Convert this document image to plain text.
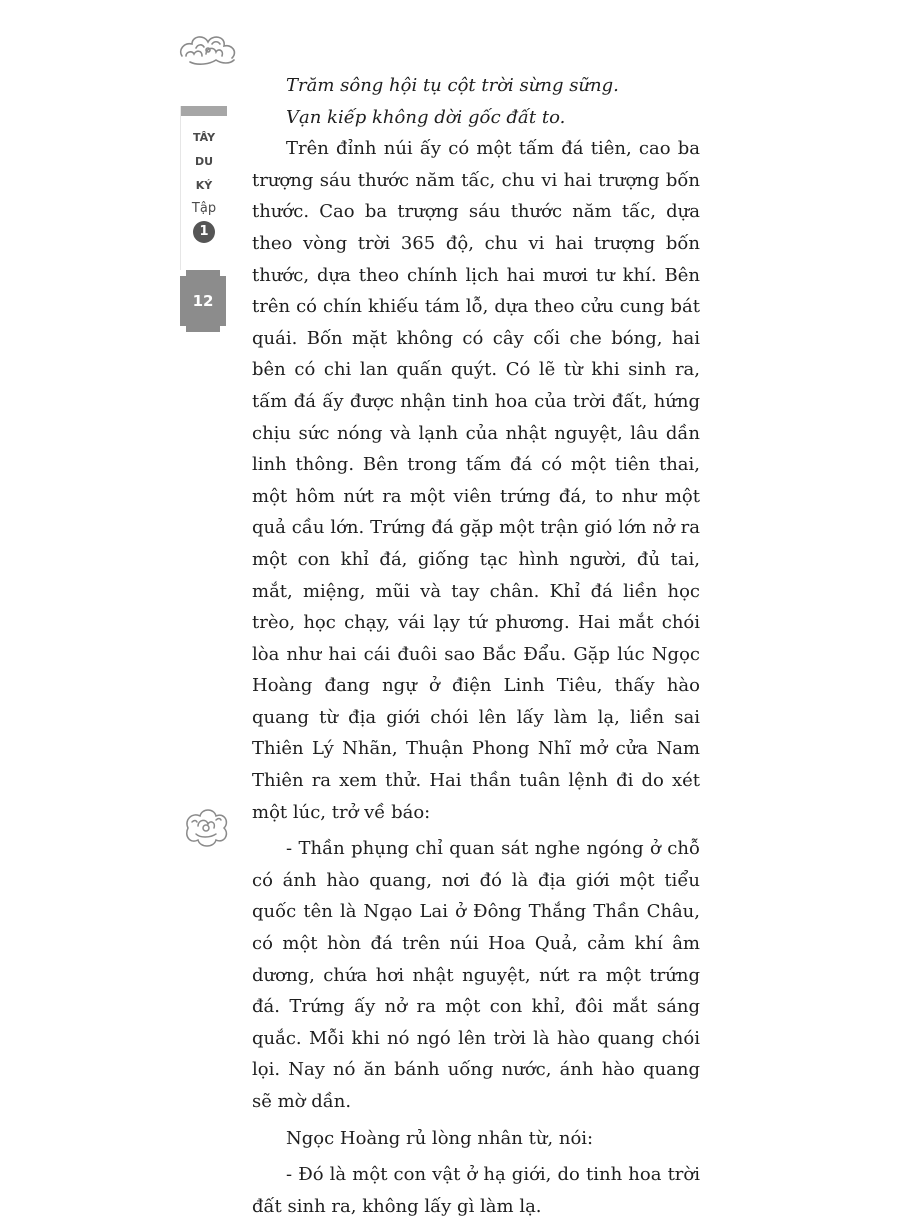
TÂY
DU
KÝ
Tập
1
12

Trăm sông hội tụ cột trời sừng sững.

Vạn kiếp không dời gốc đất to.

Trên đỉnh núi ấy có một tấm đá tiên, cao ba trượng sáu thước năm tấc, chu vi hai trượng bốn thước. Cao ba trượng sáu thước năm tấc, dựa theo vòng trời 365 độ, chu vi hai trượng bốn thước, dựa theo chính lịch hai mươi tư khí. Bên trên có chín khiếu tám lỗ, dựa theo cửu cung bát quái. Bốn mặt không có cây cối che bóng, hai bên có chi lan quấn quýt. Có lẽ từ khi sinh ra, tấm đá ấy được nhận tinh hoa của trời đất, hứng chịu sức nóng và lạnh của nhật nguyệt, lâu dần linh thông. Bên trong tấm đá có một tiên thai, một hôm nứt ra một viên trứng đá, to như một quả cầu lớn. Trứng đá gặp một trận gió lớn nở ra một con khỉ đá, giống tạc hình người, đủ tai, mắt, miệng, mũi và tay chân. Khỉ đá liền học trèo, học chạy, vái lạy tứ phương. Hai mắt chói lòa như hai cái đuôi sao Bắc Đẩu. Gặp lúc Ngọc Hoàng đang ngự ở điện Linh Tiêu, thấy hào quang từ địa giới chói lên lấy làm lạ, liền sai Thiên Lý Nhãn, Thuận Phong Nhĩ mở cửa Nam Thiên ra xem thử. Hai thần tuân lệnh đi do xét một lúc, trở về báo:

- Thần phụng chỉ quan sát nghe ngóng ở chỗ có ánh hào quang, nơi đó là địa giới một tiểu quốc tên là Ngạo Lai ở Đông Thắng Thần Châu, có một hòn đá trên núi Hoa Quả, cảm khí âm dương, chứa hơi nhật nguyệt, nứt ra một trứng đá. Trứng ấy nở ra một con khỉ, đôi mắt sáng quắc. Mỗi khi nó ngó lên trời là hào quang chói lọi. Nay nó ăn bánh uống nước, ánh hào quang sẽ mờ dần.

Ngọc Hoàng rủ lòng nhân từ, nói:

- Đó là một con vật ở hạ giới, do tinh hoa trời đất sinh ra, không lấy gì làm lạ.
